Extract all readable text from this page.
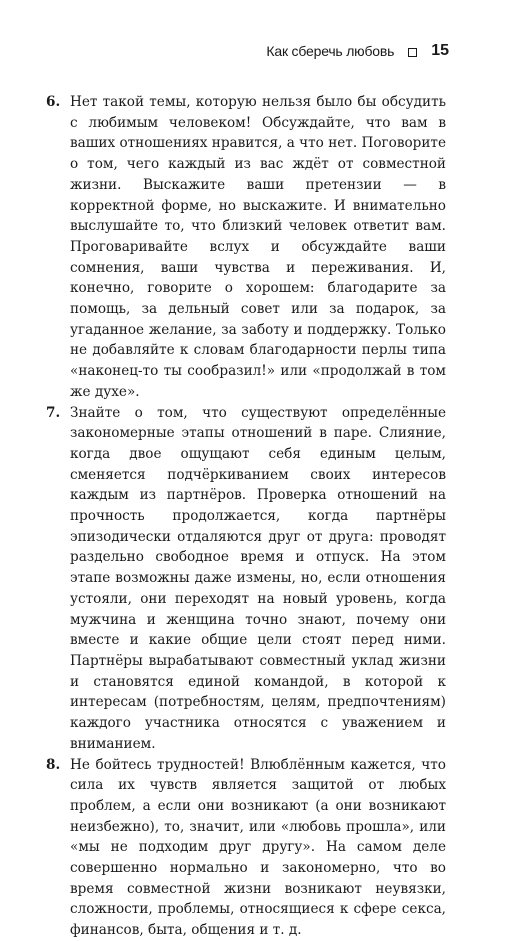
Как сберечь любовь 15

6. Нет такой темы, которую нельзя было бы обсудить с любимым человеком! Обсуждайте, что вам в ваших отношениях нравится, а что нет. Поговорите о том, чего каждый из вас ждёт от совместной жизни. Выскажите ваши претензии — в корректной форме, но выскажите. И внимательно выслушайте то, что близкий человек ответит вам. Проговаривайте вслух и обсуждайте ваши сомнения, ваши чувства и переживания. И, конечно, говорите о хорошем: благодарите за помощь, за дельный совет или за подарок, за угаданное желание, за заботу и поддержку. Только не добавляйте к словам благодарности перлы типа «наконец-то ты сообразил!» или «продолжай в том же духе».

7. Знайте о том, что существуют определённые закономерные этапы отношений в паре. Слияние, когда двое ощущают себя единым целым, сменяется подчёркиванием своих интересов каждым из партнёров. Проверка отношений на прочность продолжается, когда партнёры эпизодически отдаляются друг от друга: проводят раздельно свободное время и отпуск. На этом этапе возможны даже измены, но, если отношения устояли, они переходят на новый уровень, когда мужчина и женщина точно знают, почему они вместе и какие общие цели стоят перед ними. Партнёры вырабатывают совместный уклад жизни и становятся единой командой, в которой к интересам (потребностям, целям, предпочтениям) каждого участника относятся с уважением и вниманием.

8. Не бойтесь трудностей! Влюблённым кажется, что сила их чувств является защитой от любых проблем, а если они возникают (а они возникают неизбежно), то, значит, или «любовь прошла», или «мы не подходим друг другу». На самом деле совершенно нормально и закономерно, что во время совместной жизни возникают неувязки, сложности, проблемы, относящиеся к сфере секса, финансов, быта, общения и т. д.
